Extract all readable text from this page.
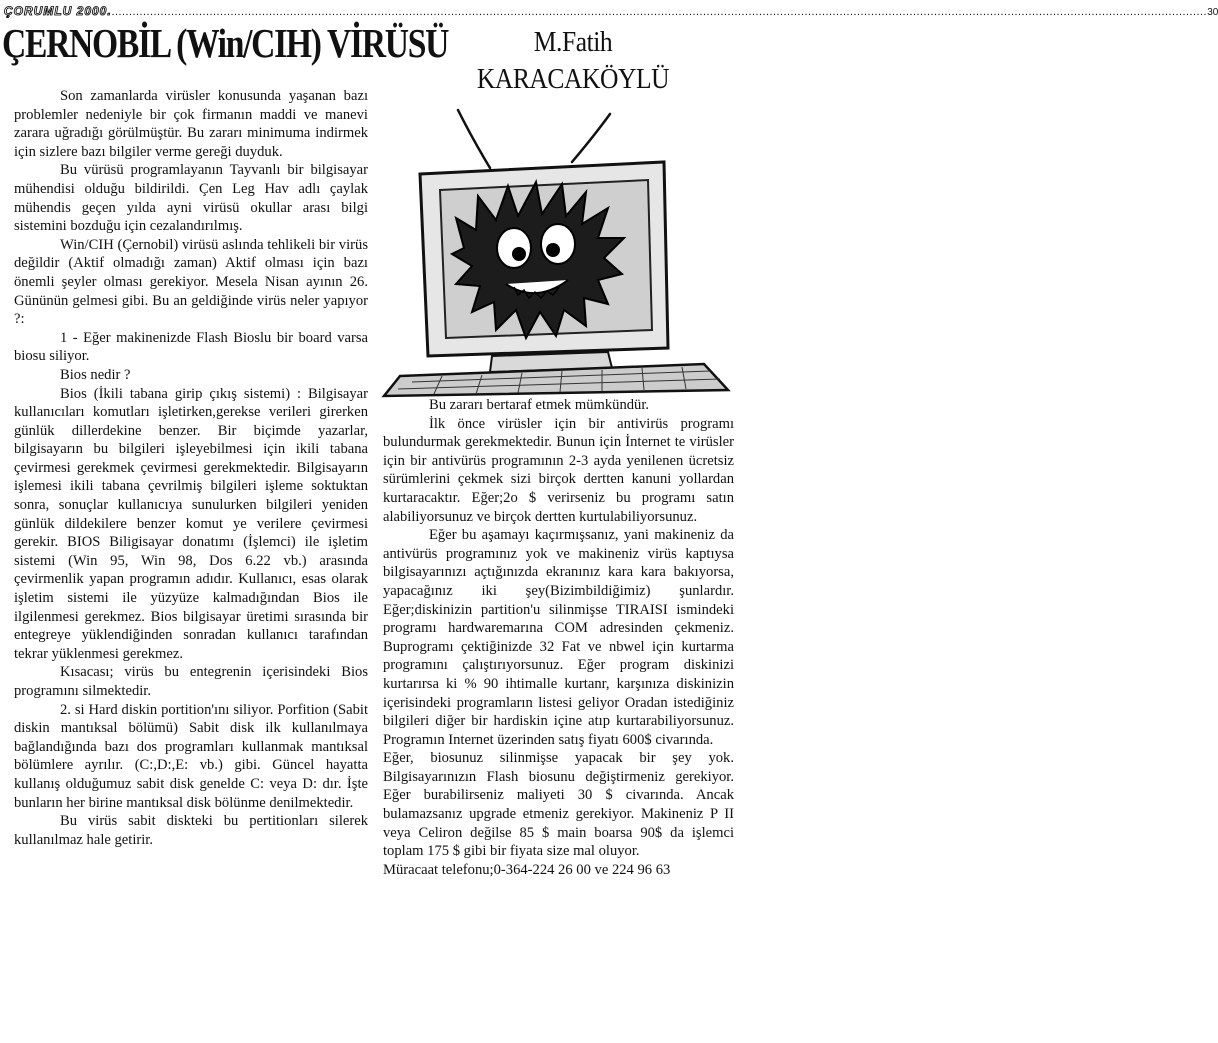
ÇORUMLU 2000. ......................................................................................................................................................................................................................................................................................................................... 30
ÇERNOBİL (Win/CIH) VİRÜSÜ	M.Fatih
KARACAKÖYLÜ

Son zamanlarda virüsler konusunda yaşanan bazı problemler nedeniyle bir çok firmanın maddi ve manevi zarara uğradığı görülmüştür. Bu zararı minimuma indirmek için sizlere bazı bilgiler verme gereği duyduk.

Bu vürüsü programlayanın Tayvanlı bir bilgisayar mühendisi olduğu bildirildi. Çen Leg Hav adlı çaylak mühendis geçen yılda ayni virüsü okullar arası bilgi sistemini bozduğu için cezalandırılmış.

Win/CIH (Çernobil) virüsü aslında tehlikeli bir virüs değildir (Aktif olmadığı zaman) Aktif olması için bazı önemli şeyler olması gerekiyor. Mesela Nisan ayının 26. Gününün gelmesi gibi. Bu an geldiğinde virüs neler yapıyor ?:

1 - Eğer makinenizde Flash Bioslu bir board varsa biosu siliyor.

Bios nedir ?

Bios (İkili tabana girip çıkış sistemi) : Bilgisayar kullanıcıları komutları işletirken,gerekse verileri girerken günlük dillerdekine benzer. Bir biçimde yazarlar, bilgisayarın bu bilgileri işleyebilmesi için ikili tabana çevirmesi gerekmek çevirmesi gerekmektedir. Bilgisayarın işlemesi ikili tabana çevrilmiş bilgileri işleme soktuktan sonra, sonuçlar kullanıcıya sunulurken bilgileri yeniden günlük dildekilere benzer komut ye verilere çevirmesi gerekir. BIOS Biligisayar donatımı (İşlemci) ile işletim sistemi (Win 95, Win 98, Dos 6.22 vb.) arasında çevirmenlik yapan programın adıdır. Kullanıcı, esas olarak işletim sistemi ile yüzyüze kalmadığından Bios ile ilgilenmesi gerekmez. Bios bilgisayar üretimi sırasında bir entegreye yüklendiğinden sonradan kullanıcı tarafından tekrar yüklenmesi gerekmez.

Kısacası; virüs bu entegrenin içerisindeki Bios programını silmektedir.

2. si Hard diskin portition'ını siliyor. Porfition (Sabit diskin mantıksal bölümü) Sabit disk ilk kullanılmaya bağlandığında bazı dos programları kullanmak mantıksal bölümlere ayrılır. (C:,D:,E: vb.) gibi. Güncel hayatta kullanış olduğumuz sabit disk genelde C: veya D: dır. İşte bunların her birine mantıksal disk bölünme denilmektedir.

Bu virüs sabit diskteki bu pertitionları silerek kullanılmaz hale getirir.

Bu zararı bertaraf etmek mümkündür.

İlk önce virüsler için bir antivirüs programı bulundurmak gerekmektedir. Bunun için İnternet te virüsler için bir antivürüs programının 2-3 ayda yenilenen ücretsiz sürümlerini çekmek sizi birçok dertten kanuni yollardan kurtaracaktır. Eğer;2o $ verirseniz bu programı satın alabiliyorsunuz ve birçok dertten kurtulabiliyorsunuz.

Eğer bu aşamayı kaçırmışsanız, yani makineniz da antivürüs programınız yok ve makineniz virüs kaptıysa bilgisayarınızı açtığınızda ekranınız kara kara bakıyorsa, yapacağınız iki şey(Bizimbildiğimiz) şunlardır. Eğer;diskinizin partition'u silinmişse TIRAISI ismindeki programı hardwaremarına COM adresinden çekmeniz. Buprogramı çektiğinizde 32 Fat ve nbwel için kurtarma programını çalıştırıyorsunuz. Eğer program diskinizi kurtarırsa ki % 90 ihtimalle kurtanr, karşınıza diskinizin içerisindeki programların listesi geliyor Oradan istediğiniz bilgileri diğer bir hardiskin içine atıp kurtarabiliyorsunuz. Programın Internet üzerinden satış fiyatı 600$ civarında.

Eğer, biosunuz silinmişse yapacak bir şey yok. Bilgisayarınızın Flash biosunu değiştirmeniz gerekiyor. Eğer burabilirseniz maliyeti 30 $ civarında. Ancak bulamazsanız upgrade etmeniz gerekiyor. Makineniz P II veya Celiron değilse 85 $ main boarsa 90$ da işlemci toplam 175 $ gibi bir fiyata size mal oluyor.

Müracaat telefonu;0-364-224 26 00 ve 224 96 63
